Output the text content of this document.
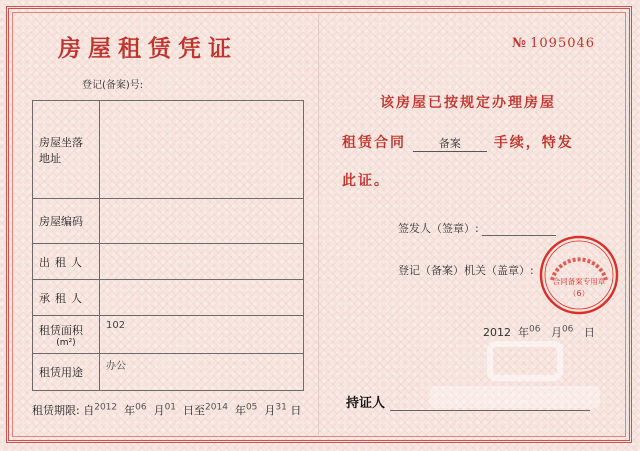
房屋租赁凭证	№ 1095046
登记(备案)号:
房屋坐落地址	
房屋编码	
出租人	
承租人	

租赁面积
(m²)	102
租赁用途	办公
租赁期限: 自$^{2012}$ 年$^{06}$ 月$^{01}$ 日至$^{2014}$ 年$^{05}$ 月$^{31}$ 日
该房屋已按规定办理房屋
租赁合同	备案 手续，特发
此证。
签发人（签章）:
登记（备案）机关（盖章）:
2012 年$^{06}$ 月$^{06}$ 日
合同备案专用章
（6）
持证人
